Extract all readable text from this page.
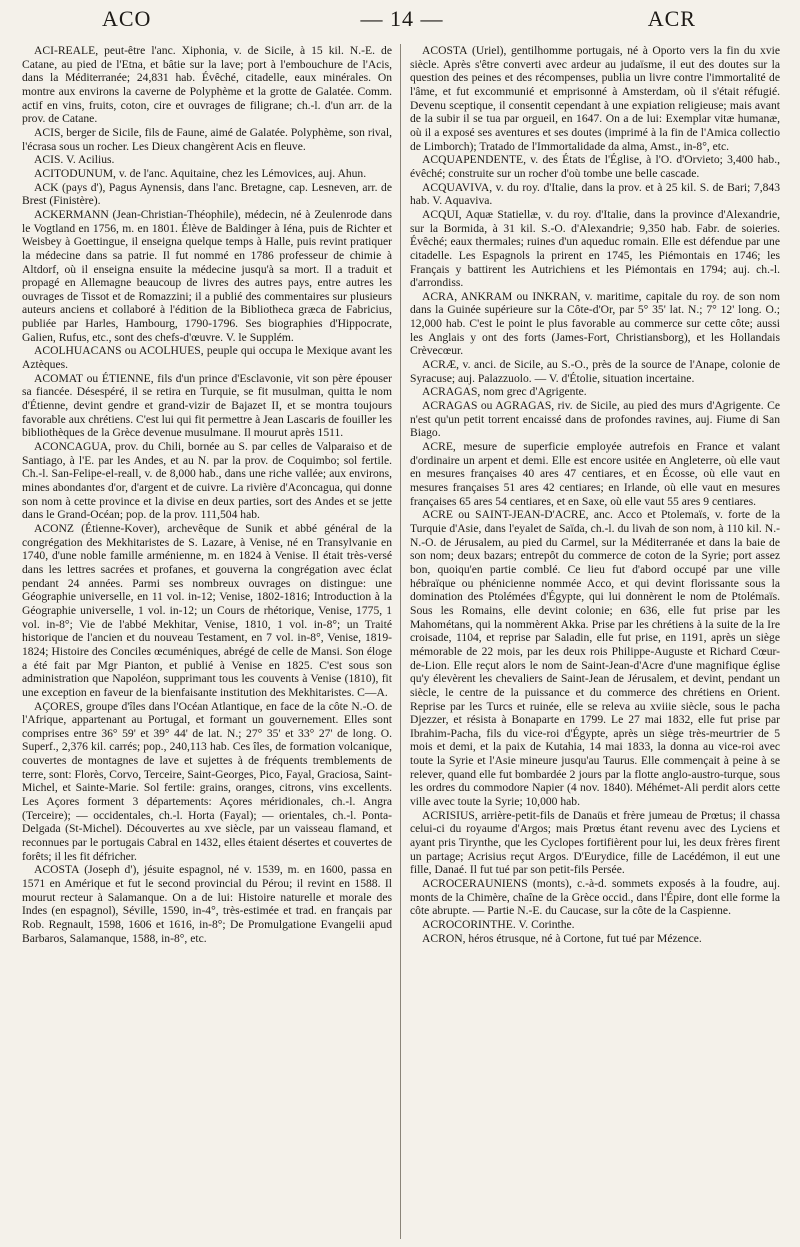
ACO	— 14 —	ACR

ACI-REALE, peut-être l'anc. Xiphonia, v. de Sicile, à 15 kil. N.-E. de Catane, au pied de l'Etna, et bâtie sur la lave; port à l'embouchure de l'Acis, dans la Méditerranée; 24,831 hab. Évêché, citadelle, eaux minérales. On montre aux environs la caverne de Polyphème et la grotte de Galatée. Comm. actif en vins, fruits, coton, cire et ouvrages de filigrane; ch.-l. d'un arr. de la prov. de Catane.

ACIS, berger de Sicile, fils de Faune, aimé de Galatée. Polyphème, son rival, l'écrasa sous un rocher. Les Dieux changèrent Acis en fleuve.

ACIS. V. Acilius.

ACITODUNUM, v. de l'anc. Aquitaine, chez les Lémovices, auj. Ahun.

ACK (pays d'), Pagus Aynensis, dans l'anc. Bretagne, cap. Lesneven, arr. de Brest (Finistère).

ACKERMANN (Jean-Christian-Théophile), médecin, né à Zeulenrode dans le Vogtland en 1756, m. en 1801. Élève de Baldinger à Iéna, puis de Richter et Weisbey à Goettingue, il enseigna quelque temps à Halle, puis revint pratiquer la médecine dans sa patrie. Il fut nommé en 1786 professeur de chimie à Altdorf, où il enseigna ensuite la médecine jusqu'à sa mort. Il a traduit et propagé en Allemagne beaucoup de livres des autres pays, entre autres les ouvrages de Tissot et de Romazzini; il a publié des commentaires sur plusieurs auteurs anciens et collaboré à l'édition de la Bibliotheca græca de Fabricius, publiée par Harles, Hambourg, 1790-1796. Ses biographies d'Hippocrate, Galien, Rufus, etc., sont des chefs-d'œuvre. V. le Supplém.

ACOLHUACANS ou ACOLHUES, peuple qui occupa le Mexique avant les Aztèques.

ACOMAT ou ÉTIENNE, fils d'un prince d'Esclavonie, vit son père épouser sa fiancée. Désespéré, il se retira en Turquie, se fit musulman, quitta le nom d'Étienne, devint gendre et grand-vizir de Bajazet II, et se montra toujours favorable aux chrétiens. C'est lui qui fit permettre à Jean Lascaris de fouiller les bibliothèques de la Grèce devenue musulmane. Il mourut après 1511.

ACONCAGUA, prov. du Chili, bornée au S. par celles de Valparaiso et de Santiago, à l'E. par les Andes, et au N. par la prov. de Coquimbo; sol fertile. Ch.-l. San-Felipe-el-reall, v. de 8,000 hab., dans une riche vallée; aux environs, mines abondantes d'or, d'argent et de cuivre. La rivière d'Aconcagua, qui donne son nom à cette province et la divise en deux parties, sort des Andes et se jette dans le Grand-Océan; pop. de la prov. 111,504 hab.

ACONZ (Étienne-Kover), archevêque de Sunik et abbé général de la congrégation des Mekhitaristes de S. Lazare, à Venise, né en Transylvanie en 1740, d'une noble famille arménienne, m. en 1824 à Venise. Il était très-versé dans les lettres sacrées et profanes, et gouverna la congrégation avec éclat pendant 24 années. Parmi ses nombreux ouvrages on distingue: une Géographie universelle, en 11 vol. in-12; Venise, 1802-1816; Introduction à la Géographie universelle, 1 vol. in-12; un Cours de rhétorique, Venise, 1775, 1 vol. in-8°; Vie de l'abbé Mekhitar, Venise, 1810, 1 vol. in-8°; un Traité historique de l'ancien et du nouveau Testament, en 7 vol. in-8°, Venise, 1819-1824; Histoire des Conciles œcuméniques, abrégé de celle de Mansi. Son éloge a été fait par Mgr Pianton, et publié à Venise en 1825. C'est sous son administration que Napoléon, supprimant tous les couvents à Venise (1810), fit une exception en faveur de la bienfaisante institution des Mekhitaristes. C—A.

AÇORES, groupe d'îles dans l'Océan Atlantique, en face de la côte N.-O. de l'Afrique, appartenant au Portugal, et formant un gouvernement. Elles sont comprises entre 36° 59' et 39° 44' de lat. N.; 27° 35' et 33° 27' de long. O. Superf., 2,376 kil. carrés; pop., 240,113 hab. Ces îles, de formation volcanique, couvertes de montagnes de lave et sujettes à de fréquents tremblements de terre, sont: Florès, Corvo, Terceire, Saint-Georges, Pico, Fayal, Graciosa, Saint-Michel, et Sainte-Marie. Sol fertile: grains, oranges, citrons, vins excellents. Les Açores forment 3 départements: Açores méridionales, ch.-l. Angra (Terceire); — occidentales, ch.-l. Horta (Fayal); — orientales, ch.-l. Ponta-Delgada (St-Michel). Découvertes au xve siècle, par un vaisseau flamand, et reconnues par le portugais Cabral en 1432, elles étaient désertes et couvertes de forêts; il les fit défricher.

ACOSTA (Joseph d'), jésuite espagnol, né v. 1539, m. en 1600, passa en 1571 en Amérique et fut le second provincial du Pérou; il revint en 1588. Il mourut recteur à Salamanque. On a de lui: Histoire naturelle et morale des Indes (en espagnol), Séville, 1590, in-4°, très-estimée et trad. en français par Rob. Regnault, 1598, 1606 et 1616, in-8°; De Promulgatione Evangelii apud Barbaros, Salamanque, 1588, in-8°, etc.

ACOSTA (Uriel), gentilhomme portugais, né à Oporto vers la fin du xvie siècle. Après s'être converti avec ardeur au judaïsme, il eut des doutes sur la question des peines et des récompenses, publia un livre contre l'immortalité de l'âme, et fut excommunié et emprisonné à Amsterdam, où il s'était réfugié. Devenu sceptique, il consentit cependant à une expiation religieuse; mais avant de la subir il se tua par orgueil, en 1647. On a de lui: Exemplar vitæ humanæ, où il a exposé ses aventures et ses doutes (imprimé à la fin de l'Amica collectio de Limborch); Tratado de l'Immortalidade da alma, Amst., in-8°, etc.

ACQUAPENDENTE, v. des États de l'Église, à l'O. d'Orvieto; 3,400 hab., évêché; construite sur un rocher d'où tombe une belle cascade.

ACQUAVIVA, v. du roy. d'Italie, dans la prov. et à 25 kil. S. de Bari; 7,843 hab. V. Aquaviva.

ACQUI, Aquæ Statiellæ, v. du roy. d'Italie, dans la province d'Alexandrie, sur la Bormida, à 31 kil. S.-O. d'Alexandrie; 9,350 hab. Fabr. de soieries. Évêché; eaux thermales; ruines d'un aqueduc romain. Elle est défendue par une citadelle. Les Espagnols la prirent en 1745, les Piémontais en 1746; les Français y battirent les Autrichiens et les Piémontais en 1794; auj. ch.-l. d'arrondiss.

ACRA, ANKRAM ou INKRAN, v. maritime, capitale du roy. de son nom dans la Guinée supérieure sur la Côte-d'Or, par 5° 35' lat. N.; 7° 12' long. O.; 12,000 hab. C'est le point le plus favorable au commerce sur cette côte; aussi les Anglais y ont des forts (James-Fort, Christiansborg), et les Hollandais Crèvecœur.

ACRÆ, v. anci. de Sicile, au S.-O., près de la source de l'Anape, colonie de Syracuse; auj. Palazzuolo. — V. d'Étolie, situation incertaine.

ACRAGAS, nom grec d'Agrigente.

ACRAGAS ou AGRAGAS, riv. de Sicile, au pied des murs d'Agrigente. Ce n'est qu'un petit torrent encaissé dans de profondes ravines, auj. Fiume di San Biago.

ACRE, mesure de superficie employée autrefois en France et valant d'ordinaire un arpent et demi. Elle est encore usitée en Angleterre, où elle vaut en mesures françaises 40 ares 47 centiares, et en Écosse, où elle vaut en mesures françaises 51 ares 42 centiares; en Irlande, où elle vaut en mesures françaises 65 ares 54 centiares, et en Saxe, où elle vaut 55 ares 9 centiares.

ACRE ou SAINT-JEAN-D'ACRE, anc. Acco et Ptolemaïs, v. forte de la Turquie d'Asie, dans l'eyalet de Saïda, ch.-l. du livah de son nom, à 110 kil. N.-N.-O. de Jérusalem, au pied du Carmel, sur la Méditerranée et dans la baie de son nom; deux bazars; entrepôt du commerce de coton de la Syrie; port assez bon, quoiqu'en partie comblé. Ce lieu fut d'abord occupé par une ville hébraïque ou phénicienne nommée Acco, et qui devint florissante sous la domination des Ptolémées d'Égypte, qui lui donnèrent le nom de Ptolémaïs. Sous les Romains, elle devint colonie; en 636, elle fut prise par les Mahométans, qui la nommèrent Akka. Prise par les chrétiens à la suite de la Ire croisade, 1104, et reprise par Saladin, elle fut prise, en 1191, après un siège mémorable de 22 mois, par les deux rois Philippe-Auguste et Richard Cœur-de-Lion. Elle reçut alors le nom de Saint-Jean-d'Acre d'une magnifique église qu'y élevèrent les chevaliers de Saint-Jean de Jérusalem, et devint, pendant un siècle, le centre de la puissance et du commerce des chrétiens en Orient. Reprise par les Turcs et ruinée, elle se releva au xviiie siècle, sous le pacha Djezzer, et résista à Bonaparte en 1799. Le 27 mai 1832, elle fut prise par Ibrahim-Pacha, fils du vice-roi d'Égypte, après un siège très-meurtrier de 5 mois et demi, et la paix de Kutahia, 14 mai 1833, la donna au vice-roi avec toute la Syrie et l'Asie mineure jusqu'au Taurus. Elle commençait à peine à se relever, quand elle fut bombardée 2 jours par la flotte anglo-austro-turque, sous les ordres du commodore Napier (4 nov. 1840). Méhémet-Ali perdit alors cette ville avec toute la Syrie; 10,000 hab.

ACRISIUS, arrière-petit-fils de Danaüs et frère jumeau de Prœtus; il chassa celui-ci du royaume d'Argos; mais Prœtus étant revenu avec des Lyciens et ayant pris Tirynthe, que les Cyclopes fortifièrent pour lui, les deux frères firent un partage; Acrisius reçut Argos. D'Eurydice, fille de Lacédémon, il eut une fille, Danaé. Il fut tué par son petit-fils Persée.

ACROCERAUNIENS (monts), c.-à-d. sommets exposés à la foudre, auj. monts de la Chimère, chaîne de la Grèce occid., dans l'Épire, dont elle forme la côte abrupte. — Partie N.-E. du Caucase, sur la côte de la Caspienne.

ACROCORINTHE. V. Corinthe.

ACRON, héros étrusque, né à Cortone, fut tué par Mézence.
